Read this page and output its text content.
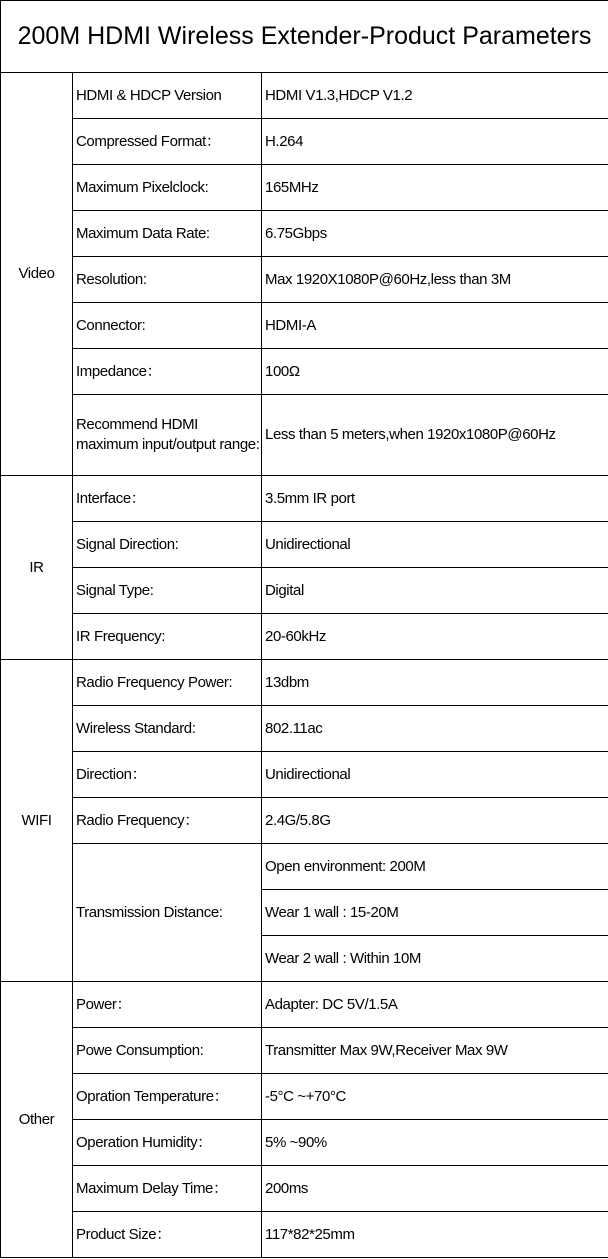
200M HDMI Wireless Extender-Product Parameters		
Video	HDMI & HDCP Version	HDMI V1.3,HDCP V1.2
	Compressed Format：	H.264
	Maximum Pixelclock:	165MHz
	Maximum Data Rate:	6.75Gbps
	Resolution:	Max 1920X1080P@60Hz,less than 3M
	Connector:	HDMI-A
	Impedance：	100Ω
	Recommend HDMI maximum input/output range:	Less than 5 meters,when 1920x1080P@60Hz
IR	Interface：	3.5mm IR port
	Signal Direction:	Unidirectional
	Signal Type:	Digital
	IR Frequency:	20-60kHz
WIFI	Radio Frequency Power:	13dbm
	Wireless Standard:	802.11ac
	Direction：	Unidirectional
	Radio Frequency：	2.4G/5.8G
	Transmission Distance:	Open environment: 200M
		Wear 1 wall : 15-20M
		Wear 2 wall : Within 10M
Other	Power：	Adapter: DC 5V/1.5A
	Powe Consumption:	Transmitter Max 9W,Receiver Max 9W
	Opration Temperature：	-5°C ~+70°C
	Operation Humidity：	5% ~90%
	Maximum Delay Time：	200ms
	Product Size：	117*82*25mm
